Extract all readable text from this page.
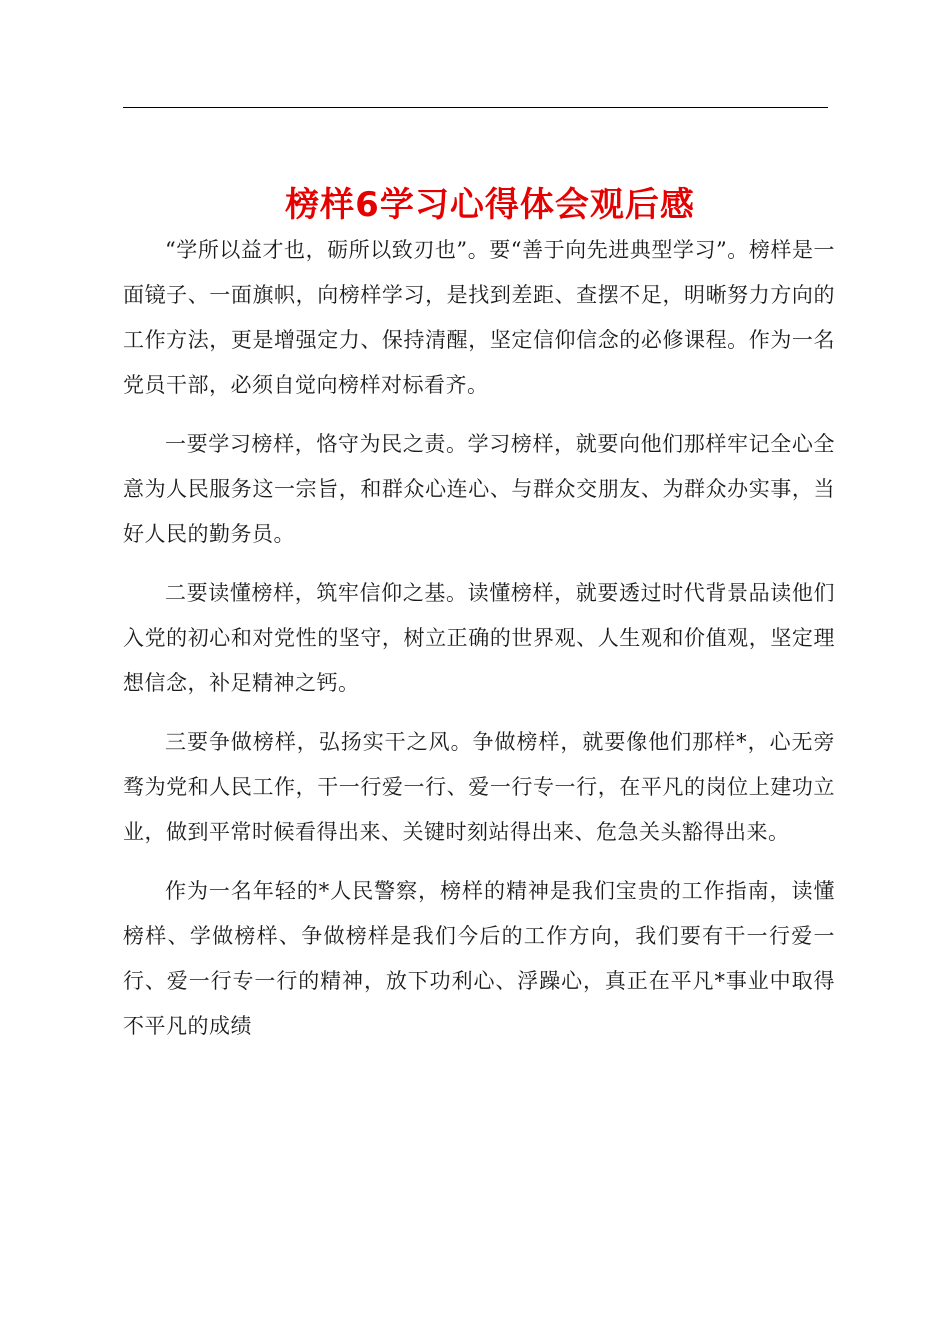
榜样6学习心得体会观后感

“学所以益才也，砺所以致刃也”。要“善于向先进典型学习”。榜样是一面镜子、一面旗帜，向榜样学习，是找到差距、查摆不足，明晰努力方向的工作方法，更是增强定力、保持清醒，坚定信仰信念的必修课程。作为一名党员干部，必须自觉向榜样对标看齐。

一要学习榜样，恪守为民之责。学习榜样，就要向他们那样牢记全心全意为人民服务这一宗旨，和群众心连心、与群众交朋友、为群众办实事，当好人民的勤务员。

二要读懂榜样，筑牢信仰之基。读懂榜样，就要透过时代背景品读他们入党的初心和对党性的坚守，树立正确的世界观、人生观和价值观，坚定理想信念，补足精神之钙。

三要争做榜样，弘扬实干之风。争做榜样，就要像他们那样*，心无旁骛为党和人民工作，干一行爱一行、爱一行专一行，在平凡的岗位上建功立业，做到平常时候看得出来、关键时刻站得出来、危急关头豁得出来。

作为一名年轻的*人民警察，榜样的精神是我们宝贵的工作指南，读懂榜样、学做榜样、争做榜样是我们今后的工作方向，我们要有干一行爱一行、爱一行专一行的精神，放下功利心、浮躁心，真正在平凡*事业中取得不平凡的成绩
